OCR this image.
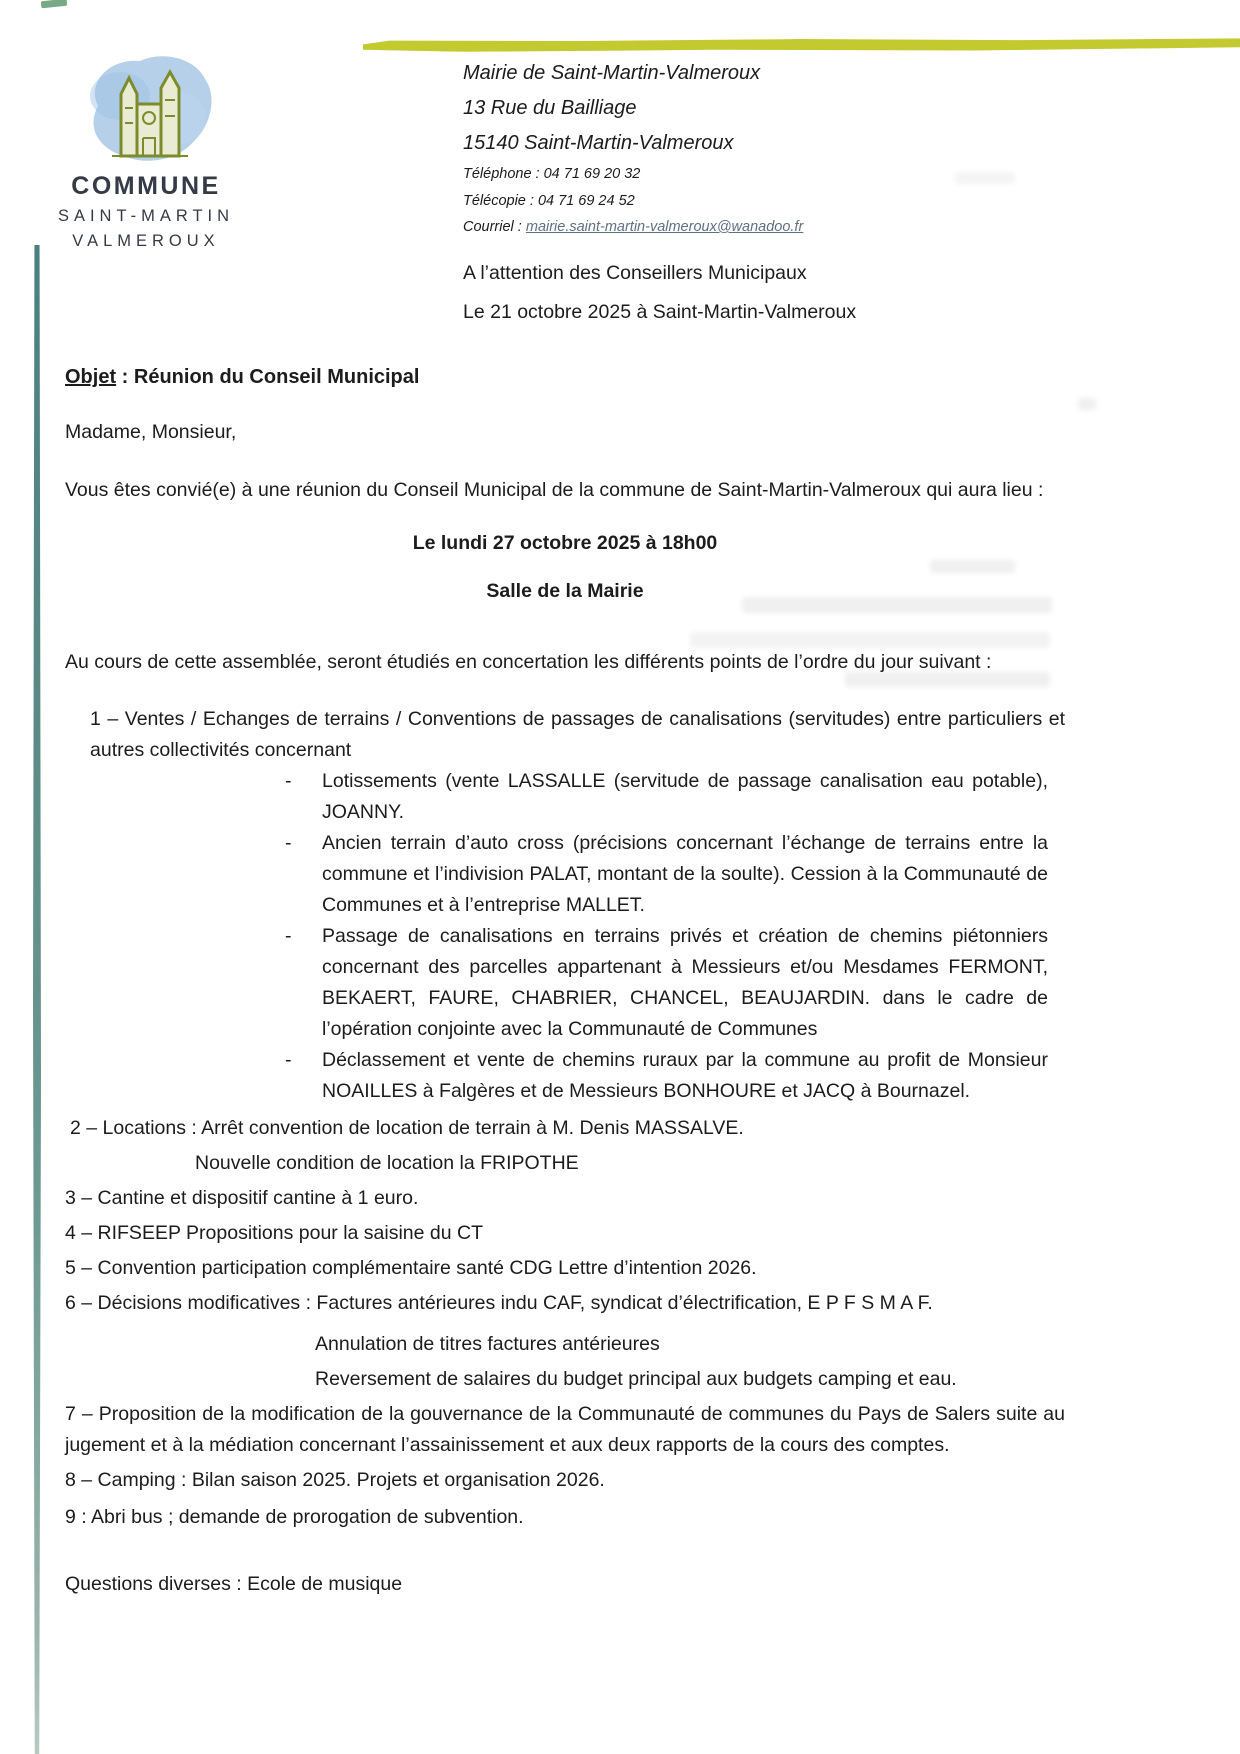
COMMUNE
SAINT-MARTIN
VALMEROUX
Mairie de Saint-Martin-Valmeroux
13 Rue du Bailliage
15140 Saint-Martin-Valmeroux
Téléphone : 04 71 69 20 32
Télécopie : 04 71 69 24 52
Courriel : mairie.saint-martin-valmeroux@wanadoo.fr
A l’attention des Conseillers Municipaux
Le 21 octobre 2025 à Saint-Martin-Valmeroux

Objet : Réunion du Conseil Municipal

Madame, Monsieur,

Vous êtes convié(e) à une réunion du Conseil Municipal de la commune de Saint-Martin-Valmeroux qui aura lieu :

Le lundi 27 octobre 2025 à 18h00

Salle de la Mairie

Au cours de cette assemblée, seront étudiés en concertation les différents points de l’ordre du jour suivant :

1 – Ventes / Echanges de terrains / Conventions de passages de canalisations (servitudes) entre particuliers et autres collectivités concernant

-	Lotissements (vente LASSALLE (servitude de passage canalisation eau potable), JOANNY.
-	Ancien terrain d’auto cross (précisions concernant l’échange de terrains entre la commune et l’indivision PALAT, montant de la soulte). Cession à la Communauté de Communes et à l’entreprise MALLET.
-	Passage de canalisations en terrains privés et création de chemins piétonniers concernant des parcelles appartenant à Messieurs et/ou Mesdames FERMONT, BEKAERT, FAURE, CHABRIER, CHANCEL, BEAUJARDIN. dans le cadre de l’opération conjointe avec la Communauté de Communes
-	Déclassement et vente de chemins ruraux par la commune au profit de Monsieur NOAILLES à Falgères et de Messieurs BONHOURE et JACQ à Bournazel.

2 – Locations : Arrêt convention de location de terrain à M. Denis MASSALVE.

Nouvelle condition de location la FRIPOTHE

3 – Cantine et dispositif cantine à 1 euro.

4 – RIFSEEP Propositions pour la saisine du CT

5 – Convention participation complémentaire santé CDG Lettre d’intention 2026.

6 – Décisions modificatives : Factures antérieures indu CAF, syndicat d’électrification, E P F S M A F.

Annulation de titres factures antérieures

Reversement de salaires du budget principal aux budgets camping et eau.

7 – Proposition de la modification de la gouvernance de la Communauté de communes du Pays de Salers suite au jugement et à la médiation concernant l’assainissement et aux deux rapports de la cours des comptes.

8 – Camping : Bilan saison 2025. Projets et organisation 2026.

9 : Abri bus ; demande de prorogation de subvention.

Questions diverses : Ecole de musique
